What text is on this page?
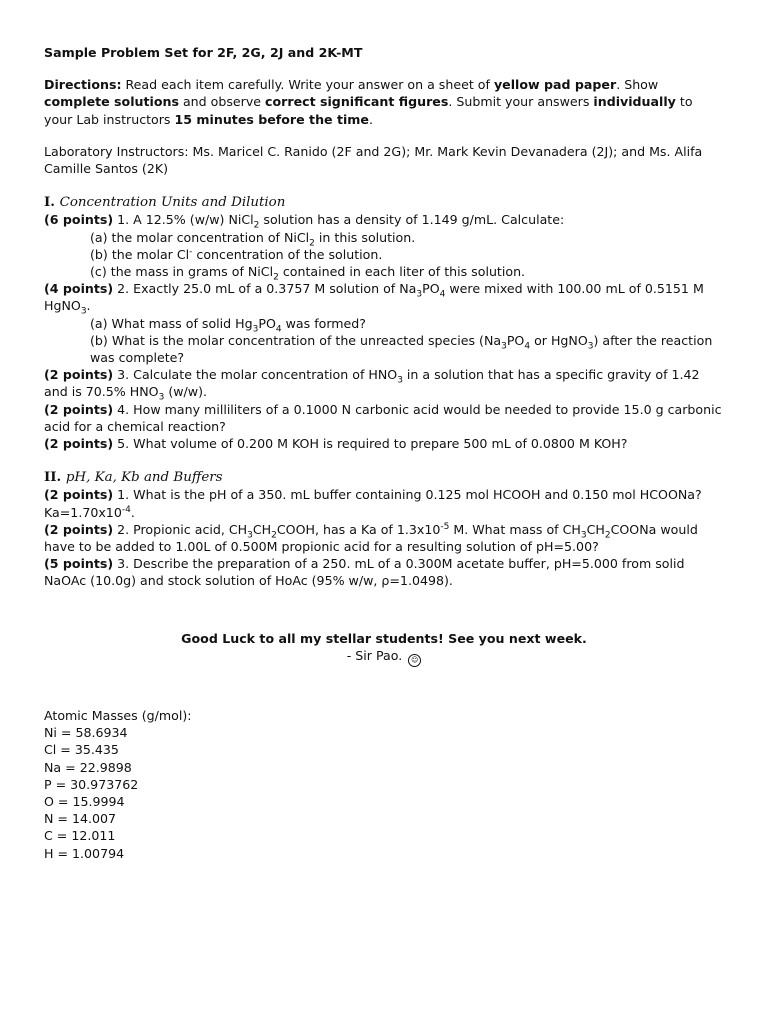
Sample Problem Set for 2F, 2G, 2J and 2K-MT

Directions: Read each item carefully. Write your answer on a sheet of yellow pad paper. Show complete solutions and observe correct significant figures. Submit your answers individually to your Lab instructors 15 minutes before the time.
Laboratory Instructors: Ms. Maricel C. Ranido (2F and 2G); Mr. Mark Kevin Devanadera (2J); and Ms. Alifa Camille Santos (2K)
I. Concentration Units and Dilution
(6 points) 1. A 12.5% (w/w) NiCl$_2$ solution has a density of 1.149 g/mL. Calculate:
(a) the molar concentration of NiCl$_2$ in this solution.
(b) the molar Cl- concentration of the solution.
(c) the mass in grams of NiCl$_2$ contained in each liter of this solution.
(4 points) 2. Exactly 25.0 mL of a 0.3757 M solution of $Na_3PO_4$ were mixed with 100.00 mL of 0.5151 M HgNO$_3$.
(a) What mass of solid $Hg_3PO_4$ was formed?
(b) What is the molar concentration of the unreacted species ($Na_3PO_4$ or HgNO$_3$) after the reaction was complete?
(2 points) 3. Calculate the molar concentration of $HNO_3$ in a solution that has a specific gravity of 1.42 and is 70.5% $HNO_3$ (w/w).
(2 points) 4. How many milliliters of a 0.1000 N carbonic acid would be needed to provide 15.0 g carbonic acid for a chemical reaction?
(2 points) 5. What volume of 0.200 M KOH is required to prepare 500 mL of 0.0800 M KOH?
II. pH, Ka, Kb and Buffers
(2 points) 1. What is the pH of a 350. mL buffer containing 0.125 mol HCOOH and 0.150 mol HCOONa? $Ka=1.70x10^{-4}$.
(2 points) 2. Propionic acid, $CH_3CH_2COOH$, has a Ka of $1.3x10^{-5}$ M. What mass of $CH_3CH_2COONa$ would have to be added to 1.00L of 0.500M propionic acid for a resulting solution of pH=5.00?
(5 points) 3. Describe the preparation of a 250. mL of a 0.300M acetate buffer, pH=5.000 from solid NaOAc (10.0g) and stock solution of HoAc (95% w/w, ρ=1.0498).
Good Luck to all my stellar students! See you next week.
- Sir Pao. ☺
Atomic Masses (g/mol):
Ni = 58.6934
Cl = 35.435
Na = 22.9898
P = 30.973762
O = 15.9994
N = 14.007
C = 12.011
H = 1.00794
